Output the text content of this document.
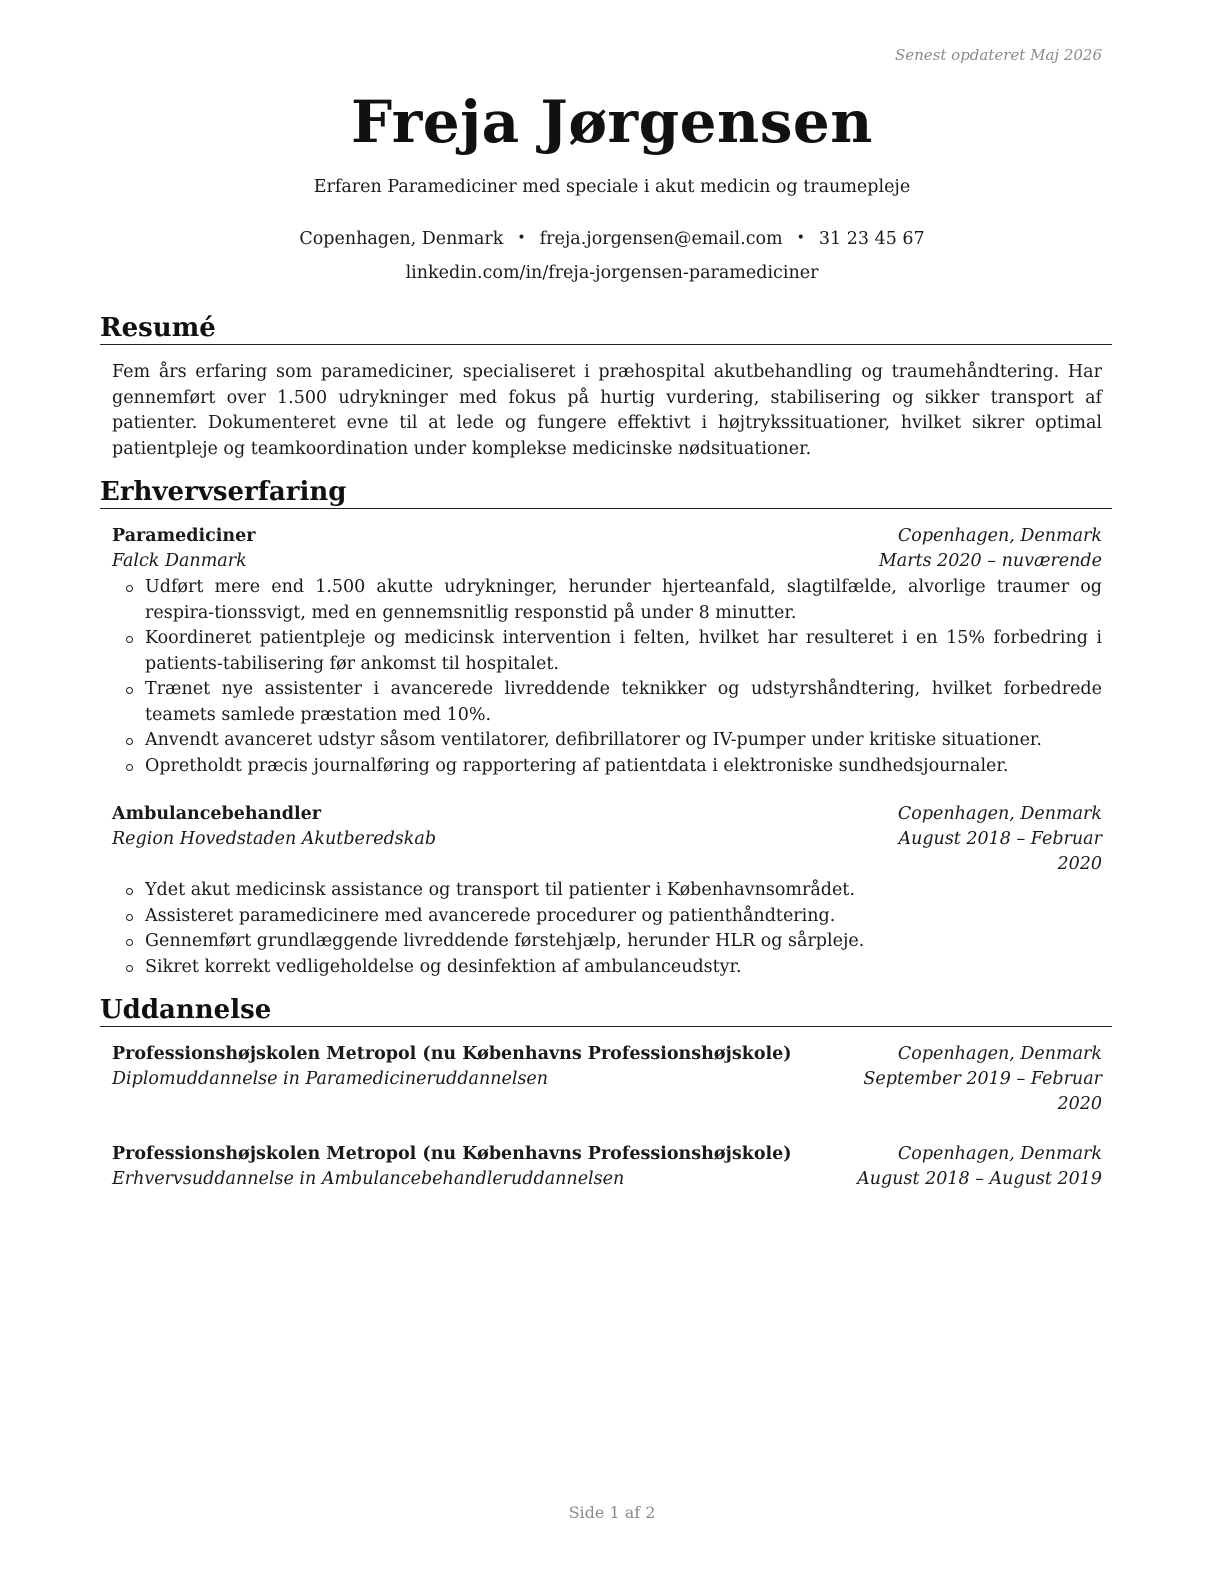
Senest opdateret Maj 2026
Freja Jørgensen
Erfaren Paramediciner med speciale i akut medicin og traumepleje
Copenhagen, Denmark • freja.jorgensen@email.com • 31 23 45 67
linkedin.com/in/freja-jorgensen-paramediciner
Resumé
Fem års erfaring som paramediciner, specialiseret i præhospital akutbehandling og traumehåndtering. Har gennemført over 1.500 udrykninger med fokus på hurtig vurdering, stabilisering og sikker transport af patienter. Dokumenteret evne til at lede og fungere effektivt i højtrykssituationer, hvilket sikrer optimal patientpleje og teamkoordination under komplekse medicinske nødsituationer.
Erhvervserfaring
Paramediciner	Copenhagen, Denmark
Falck Danmark	Marts 2020 – nuværende
Udført mere end 1.500 akutte udrykninger, herunder hjerteanfald, slagtilfælde, alvorlige traumer og respira-tionssvigt, med en gennemsnitlig responstid på under 8 minutter.
Koordineret patientpleje og medicinsk intervention i felten, hvilket har resulteret i en 15% forbedring i patients-tabilisering før ankomst til hospitalet.
Trænet nye assistenter i avancerede livreddende teknikker og udstyrshåndtering, hvilket forbedrede teamets samlede præstation med 10%.
Anvendt avanceret udstyr såsom ventilatorer, defibrillatorer og IV-pumper under kritiske situationer.
Opretholdt præcis journalføring og rapportering af patientdata i elektroniske sundhedsjournaler.
Ambulancebehandler	Copenhagen, Denmark
Region Hovedstaden Akutberedskab	August 2018 – Februar
2020
Ydet akut medicinsk assistance og transport til patienter i Københavnsområdet.
Assisteret paramedicinere med avancerede procedurer og patienthåndtering.
Gennemført grundlæggende livreddende førstehjælp, herunder HLR og sårpleje.
Sikret korrekt vedligeholdelse og desinfektion af ambulanceudstyr.
Uddannelse
Professionshøjskolen Metropol (nu Københavns Professionshøjskole)	Copenhagen, Denmark
Diplomuddannelse in Paramedicineruddannelsen	September 2019 – Februar
2020
Professionshøjskolen Metropol (nu Københavns Professionshøjskole)	Copenhagen, Denmark
Erhvervsuddannelse in Ambulancebehandleruddannelsen	August 2018 – August 2019
Side 1 af 2
